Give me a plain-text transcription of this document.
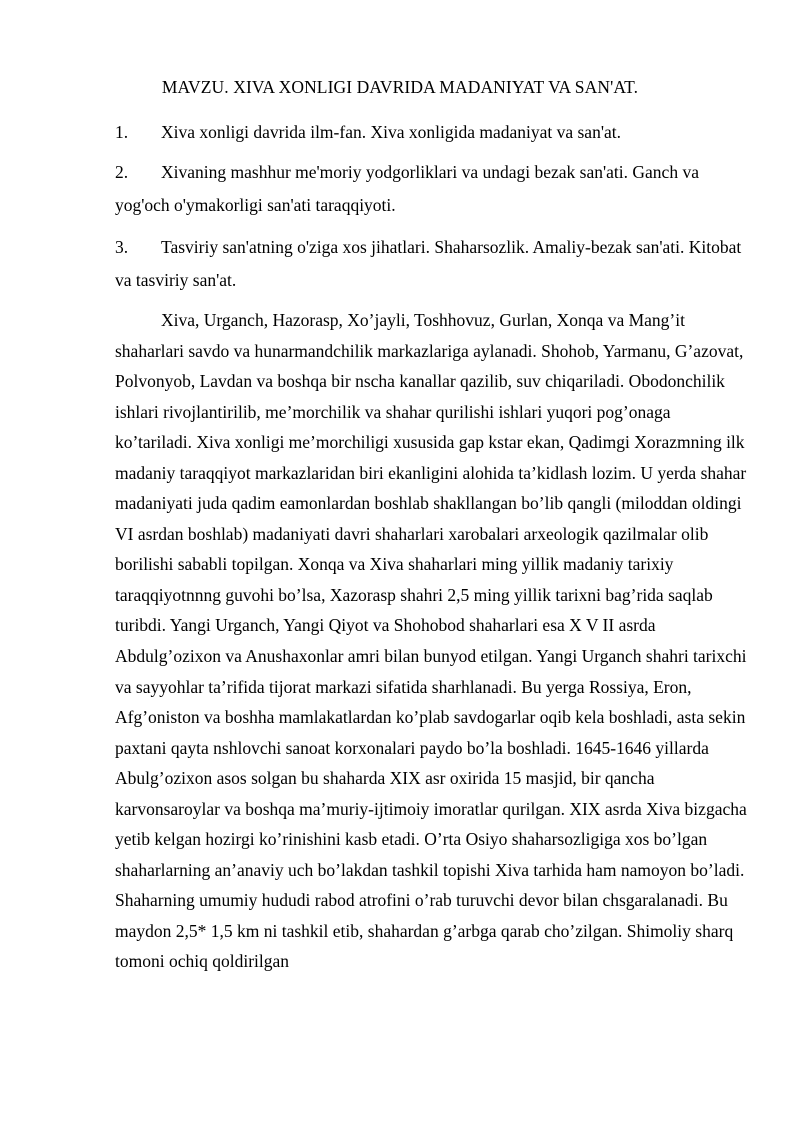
MAVZU. XIVA XONLIGI DAVRIDA MADANIYAT VA SAN'AT.
1.	Xiva xonligi davrida ilm-fan. Xiva xonligida madaniyat va san'at.
2.	Xivaning mashhur me'moriy yodgorliklari va undagi bezak san'ati. Ganch va yog'och o'ymakorligi san'ati taraqqiyoti.
3.	Tasviriy san'atning o'ziga xos jihatlari. Shaharsozlik. Amaliy-bezak san'ati. Kitobat va tasviriy san'at.
Xiva, Urganch, Hazorasp, Xo’jayli, Toshhovuz, Gurlan, Xonqa va Mang’it shaharlari savdo va hunarmandchilik markazlariga aylanadi. Shohob, Yarmanu, G’azovat, Polvonyob, Lavdan va boshqa bir nscha kanallar qazilib, suv chiqariladi. Obodonchilik ishlari rivojlantirilib, me’morchilik va shahar qurilishi ishlari yuqori pog’onaga ko’tariladi. Xiva xonligi me’morchiligi xususida gap kstar ekan, Qadimgi Xorazmning ilk madaniy taraqqiyot markazlaridan biri ekanligini alohida ta’kidlash lozim. U yerda shahar madaniyati juda qadim eamonlardan boshlab shakllangan bo’lib qangli (miloddan oldingi VI asrdan boshlab) madaniyati davri shaharlari xarobalari arxeologik qazilmalar olib borilishi sababli topilgan. Xonqa va Xiva shaharlari ming yillik madaniy tarixiy taraqqiyotnnng guvohi bo’lsa, Xazorasp shahri 2,5 ming yillik tarixni bag’rida saqlab turibdi. Yangi Urganch, Yangi Qiyot va Shohobod shaharlari esa X V II asrda Abdulg’ozixon va Anushaxonlar amri bilan bunyod etilgan. Yangi Urganch shahri tarixchi va sayyohlar ta’rifida tijorat markazi sifatida sharhlanadi. Bu yerga Rossiya, Eron, Afg’oniston va boshha mamlakatlardan ko’plab savdogarlar oqib kela boshladi, asta sekin paxtani qayta nshlovchi sanoat korxonalari paydo bo’la boshladi. 1645-1646 yillarda Abulg’ozixon asos solgan bu shaharda XIX asr oxirida 15 masjid, bir qancha karvonsaroylar va boshqa ma’muriy-ijtimoiy imoratlar qurilgan. XIX asrda Xiva bizgacha yetib kelgan hozirgi ko’rinishini kasb etadi. O’rta Osiyo shaharsozligiga xos bo’lgan shaharlarning an’anaviy uch bo’lakdan tashkil topishi Xiva tarhida ham namoyon bo’ladi. Shaharning umumiy hududi rabod atrofini o’rab turuvchi devor bilan chsgaralanadi. Bu maydon 2,5* 1,5 km ni tashkil etib, shahardan g’arbga qarab cho’zilgan. Shimoliy sharq tomoni ochiq qoldirilgan
